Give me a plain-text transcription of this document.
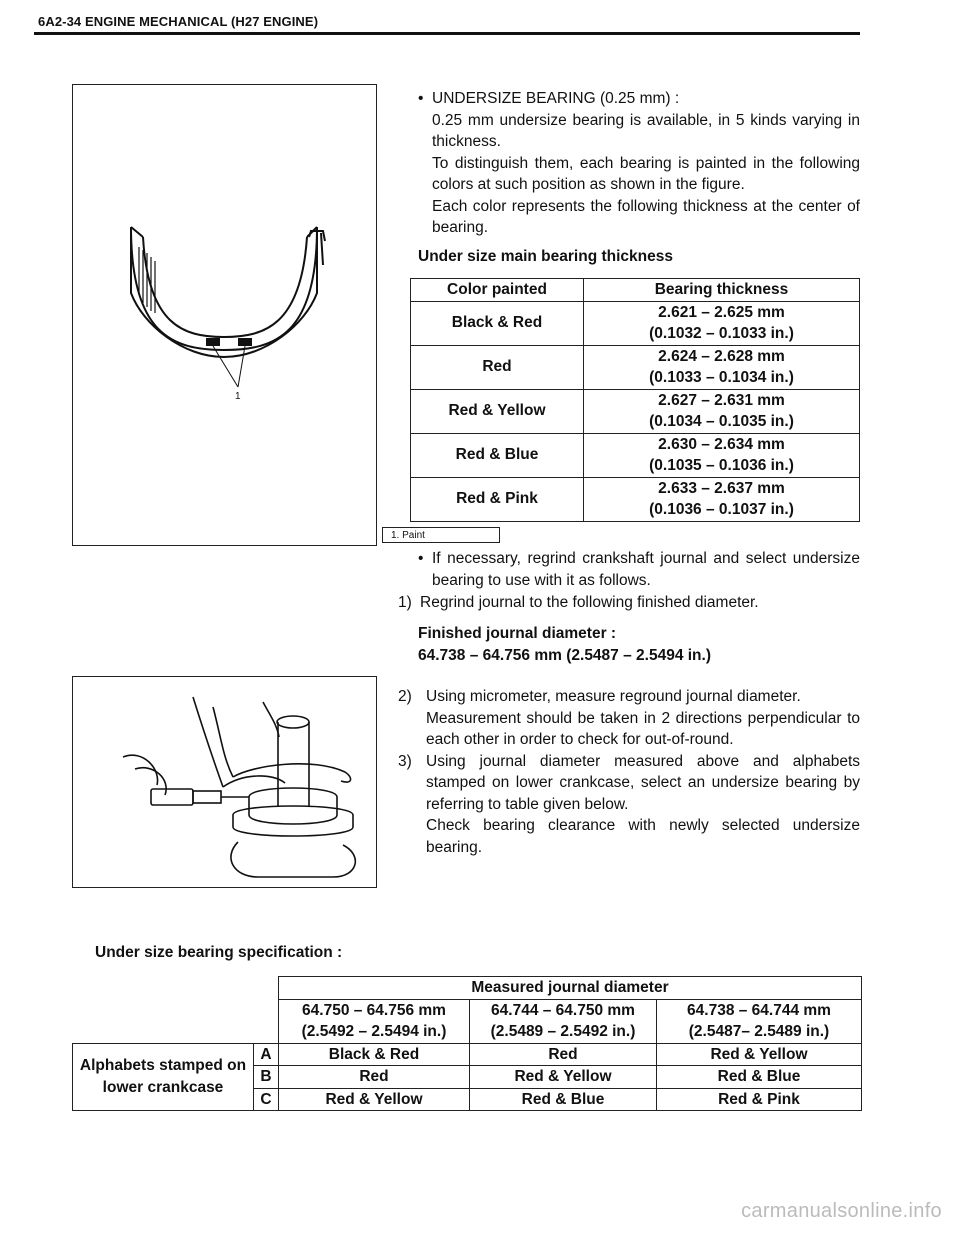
6A2-34 ENGINE MECHANICAL (H27 ENGINE)
1
• UNDERSIZE BEARING (0.25 mm) :
0.25 mm undersize bearing is available, in 5 kinds varying in thickness.
To distinguish them, each bearing is painted in the following colors at such position as shown in the figure.
Each color represents the following thickness at the center of bearing.
Under size main bearing thickness
Color painted	Bearing thickness
Black & Red	2.621 – 2.625 mm
(0.1032 – 0.1033 in.)
Red	2.624 – 2.628 mm
(0.1033 – 0.1034 in.)
Red & Yellow	2.627 – 2.631 mm
(0.1034 – 0.1035 in.)
Red & Blue	2.630 – 2.634 mm
(0.1035 – 0.1036 in.)
Red & Pink	2.633 – 2.637 mm
(0.1036 – 0.1037 in.)
1. Paint
• If necessary, regrind crankshaft journal and select undersize bearing to use with it as follows.
1) Regrind journal to the following finished diameter.
Finished journal diameter :
64.738 – 64.756 mm (2.5487 – 2.5494 in.)
2) Using micrometer, measure reground journal diameter.
Measurement should be taken in 2 directions perpendicular to each other in order to check for out-of-round.
3) Using journal diameter measured above and alphabets stamped on lower crankcase, select an undersize bearing by referring to table given below.
Check bearing clearance with newly selected undersize bearing.
Under size bearing specification :
		Measured journal diameter		
		64.750 – 64.756 mm
(2.5492 – 2.5494 in.)	64.744 – 64.750 mm
(2.5489 – 2.5492 in.)	64.738 – 64.744 mm
(2.5487– 2.5489 in.)
Alphabets stamped on
lower crankcase	A	Black & Red	Red	Red & Yellow
	B	Red	Red & Yellow	Red & Blue
	C	Red & Yellow	Red & Blue	Red & Pink
carmanualsonline.info
